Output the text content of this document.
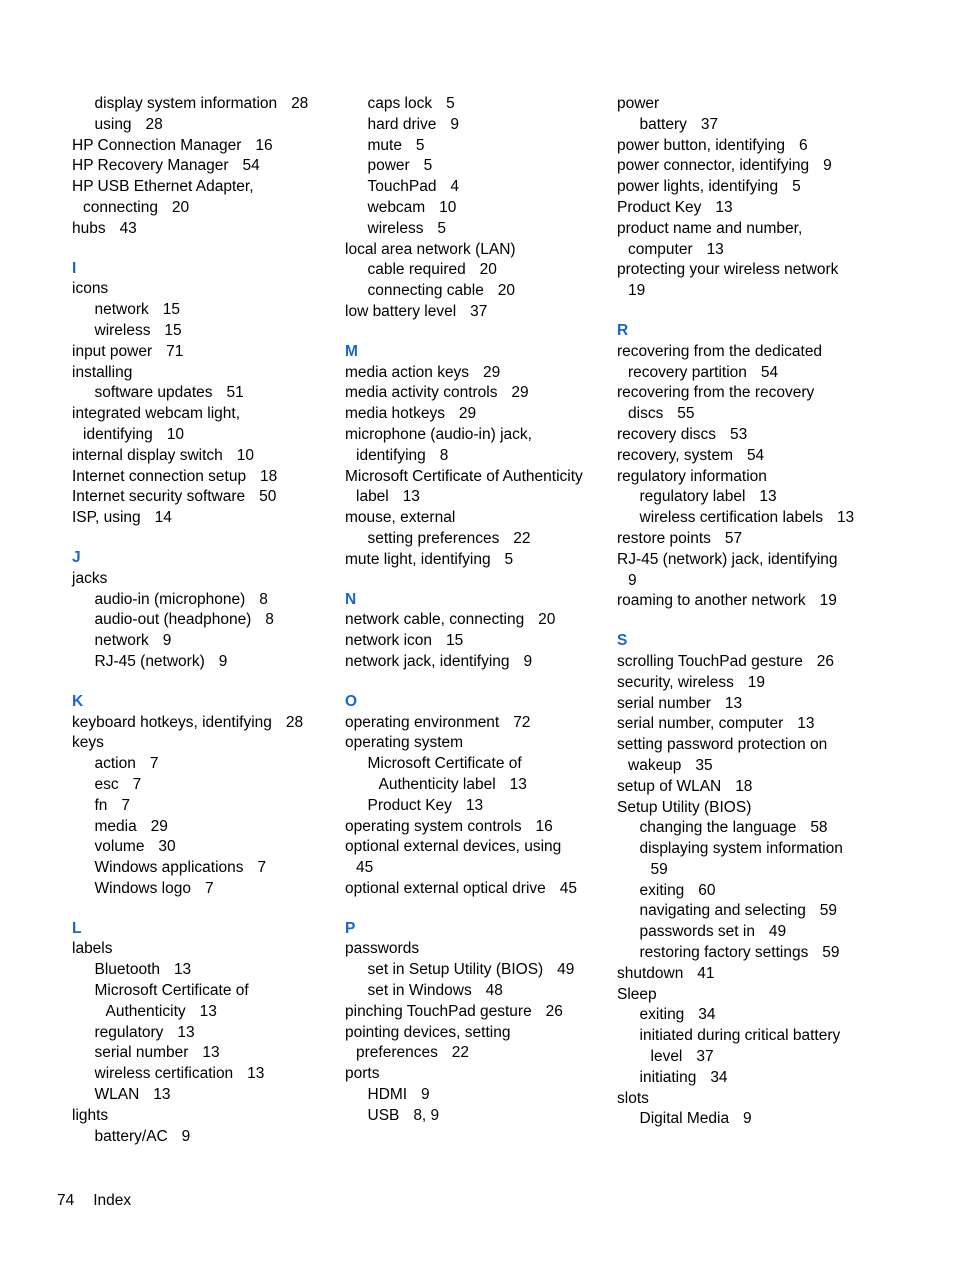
display system information 28
using 28
HP Connection Manager 16
HP Recovery Manager 54
HP USB Ethernet Adapter,
connecting 20
hubs 43
I
icons
network 15
wireless 15
input power 71
installing
software updates 51
integrated webcam light,
identifying 10
internal display switch 10
Internet connection setup 18
Internet security software 50
ISP, using 14
J
jacks
audio-in (microphone) 8
audio-out (headphone) 8
network 9
RJ-45 (network) 9
K
keyboard hotkeys, identifying 28
keys
action 7
esc 7
fn 7
media 29
volume 30
Windows applications 7
Windows logo 7
L
labels
Bluetooth 13
Microsoft Certificate of
Authenticity 13
regulatory 13
serial number 13
wireless certification 13
WLAN 13
lights
battery/AC 9
caps lock 5
hard drive 9
mute 5
power 5
TouchPad 4
webcam 10
wireless 5
local area network (LAN)
cable required 20
connecting cable 20
low battery level 37
M
media action keys 29
media activity controls 29
media hotkeys 29
microphone (audio-in) jack,
identifying 8
Microsoft Certificate of Authenticity
label 13
mouse, external
setting preferences 22
mute light, identifying 5
N
network cable, connecting 20
network icon 15
network jack, identifying 9
O
operating environment 72
operating system
Microsoft Certificate of
Authenticity label 13
Product Key 13
operating system controls 16
optional external devices, using
45
optional external optical drive 45
P
passwords
set in Setup Utility (BIOS) 49
set in Windows 48
pinching TouchPad gesture 26
pointing devices, setting
preferences 22
ports
HDMI 9
USB 8, 9
power
battery 37
power button, identifying 6
power connector, identifying 9
power lights, identifying 5
Product Key 13
product name and number,
computer 13
protecting your wireless network
19
R
recovering from the dedicated
recovery partition 54
recovering from the recovery
discs 55
recovery discs 53
recovery, system 54
regulatory information
regulatory label 13
wireless certification labels 13
restore points 57
RJ-45 (network) jack, identifying
9
roaming to another network 19
S
scrolling TouchPad gesture 26
security, wireless 19
serial number 13
serial number, computer 13
setting password protection on
wakeup 35
setup of WLAN 18
Setup Utility (BIOS)
changing the language 58
displaying system information
59
exiting 60
navigating and selecting 59
passwords set in 49
restoring factory settings 59
shutdown 41
Sleep
exiting 34
initiated during critical battery
level 37
initiating 34
slots
Digital Media 9
74 Index
